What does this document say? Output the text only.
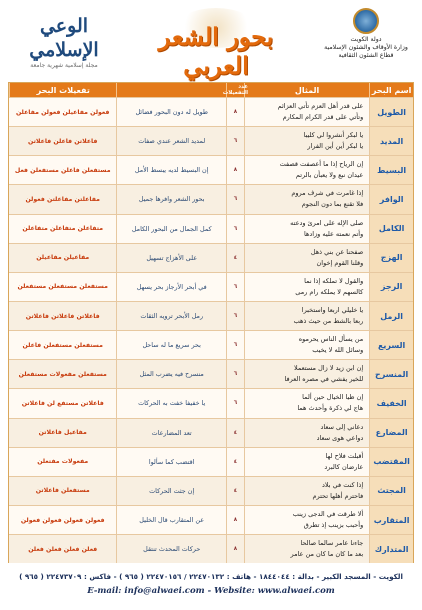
الوعي الإسلامي
مجلة إسلامية شهرية جامعة
بحور الشعر العربي
دولة الكويت
وزارة الأوقاف والشئون الإسلامية
قطاع الشئون الثقافية
اسم البحر
المثال
عدد التفعيلات
تفعيلات البحر
الطويل
على قدر أهل العزم تأتي العزائم
وتأتي على قدر الكرام المكارم
٨
طويل له دون البحور فضائل
فعولن مفاعيلن فعولن مفاعلن
المديد
يا لبكر أنشروا لي كليبا
يا لبكر أين أين الفرار
٦
لمديد الشعر عندي صفات
فاعلاتن فاعلن فاعلاتن
البسيط
إن الرياح إذا ما أعصفت قصفت
عيدان نبع ولا يعبأن بالرتم
٨
إن البسيط لديه يبسط الأمل
مستفعلن فاعلن مستفعلن فعل
الوافر
إذا غامرت في شرف مروم
فلا تقنع بما دون النجوم
٦
بحور الشعر وافرها جميل
مفاعلتن مفاعلتن فعولن
الكامل
صلى الإله على امرئ ودعته
وأتم نعمته عليه وزادها
٦
كمل الجمال من البحور الكامل
متفاعلن متفاعلن متفاعلن
الهزج
صفحنا عن بني ذهل
وقلنا القوم إخوان
٤
على الأهزاج تسهيل
مفاعيلن مفاعيلن
الرجز
والقول لا تملكه إذا نما
كالسهم لا يملكه رام رمى
٦
في أبحر الأرجاز بحر يسهل
مستفعلن مستفعلن مستفعلن
الرمل
يا خليلي اربعا واستخبرا
ربعا بالشط من حيث ذهب
٦
رمل الأبحر ترويه الثقات
فاعلاتن فاعلاتن فاعلاتن
السريع
من يسأل الناس يحرموه
وسائل الله لا يخيب
٦
بحر سريع ما له ساحل
مستفعلن مستفعلن فاعلن
المنسرح
إن ابن زيد لا زال مستعملا
للخير يفشي في مصره العرفا
٦
منسرح فيه يضرب المثل
مستفعلن مفعولات مستفعلن
الخفيف
إن ظيا الخيال حين ألما
هاج لي ذكرة وأحدث هما
٦
يا خفيفا خفت به الحركات
فاعلاتن مستفع لن فاعلاتن
المضارع
دعاني إلى سعاد
دواعي هوى سعاد
٤
تعد المضارعات
مفاعيل فاعلاتن
المقتضب
أقبلت فلاح لها
عارضان كالبرد
٤
اقتضب كما سألوا
مفعولات مفتعلن
المجتث
إذا كنت في بلاد
فاحترم أهلها تحترم
٤
إن جثت الحركات
مستفعلن فاعلاتن
المتقارب
ألا طرقت في الدجى زينب
وأحبب بزينب إذ تطرق
٨
عن المتقارب قال الخليل
فعولن فعولن فعولن فعولن
المتدارك
جاءنا عامر سالما صالحا
بعد ما كان ما كان من عامر
٨
حركات المحدث تنتقل
فعلن فعلن فعلن فعلن
الكويت - المسجد الكبير - بدالة : ١٨٤٤٠٤٤ - هاتف : ٢٢٤٧٠١٣٢ / ٢٢٤٧٠١٥٦ ( ٩٦٥ ) - فاكس : ٢٢٤٧٣٧٠٩ ( ٩٦٥ )
E-mail: info@alwaei.com - Website: www.alwaei.com
